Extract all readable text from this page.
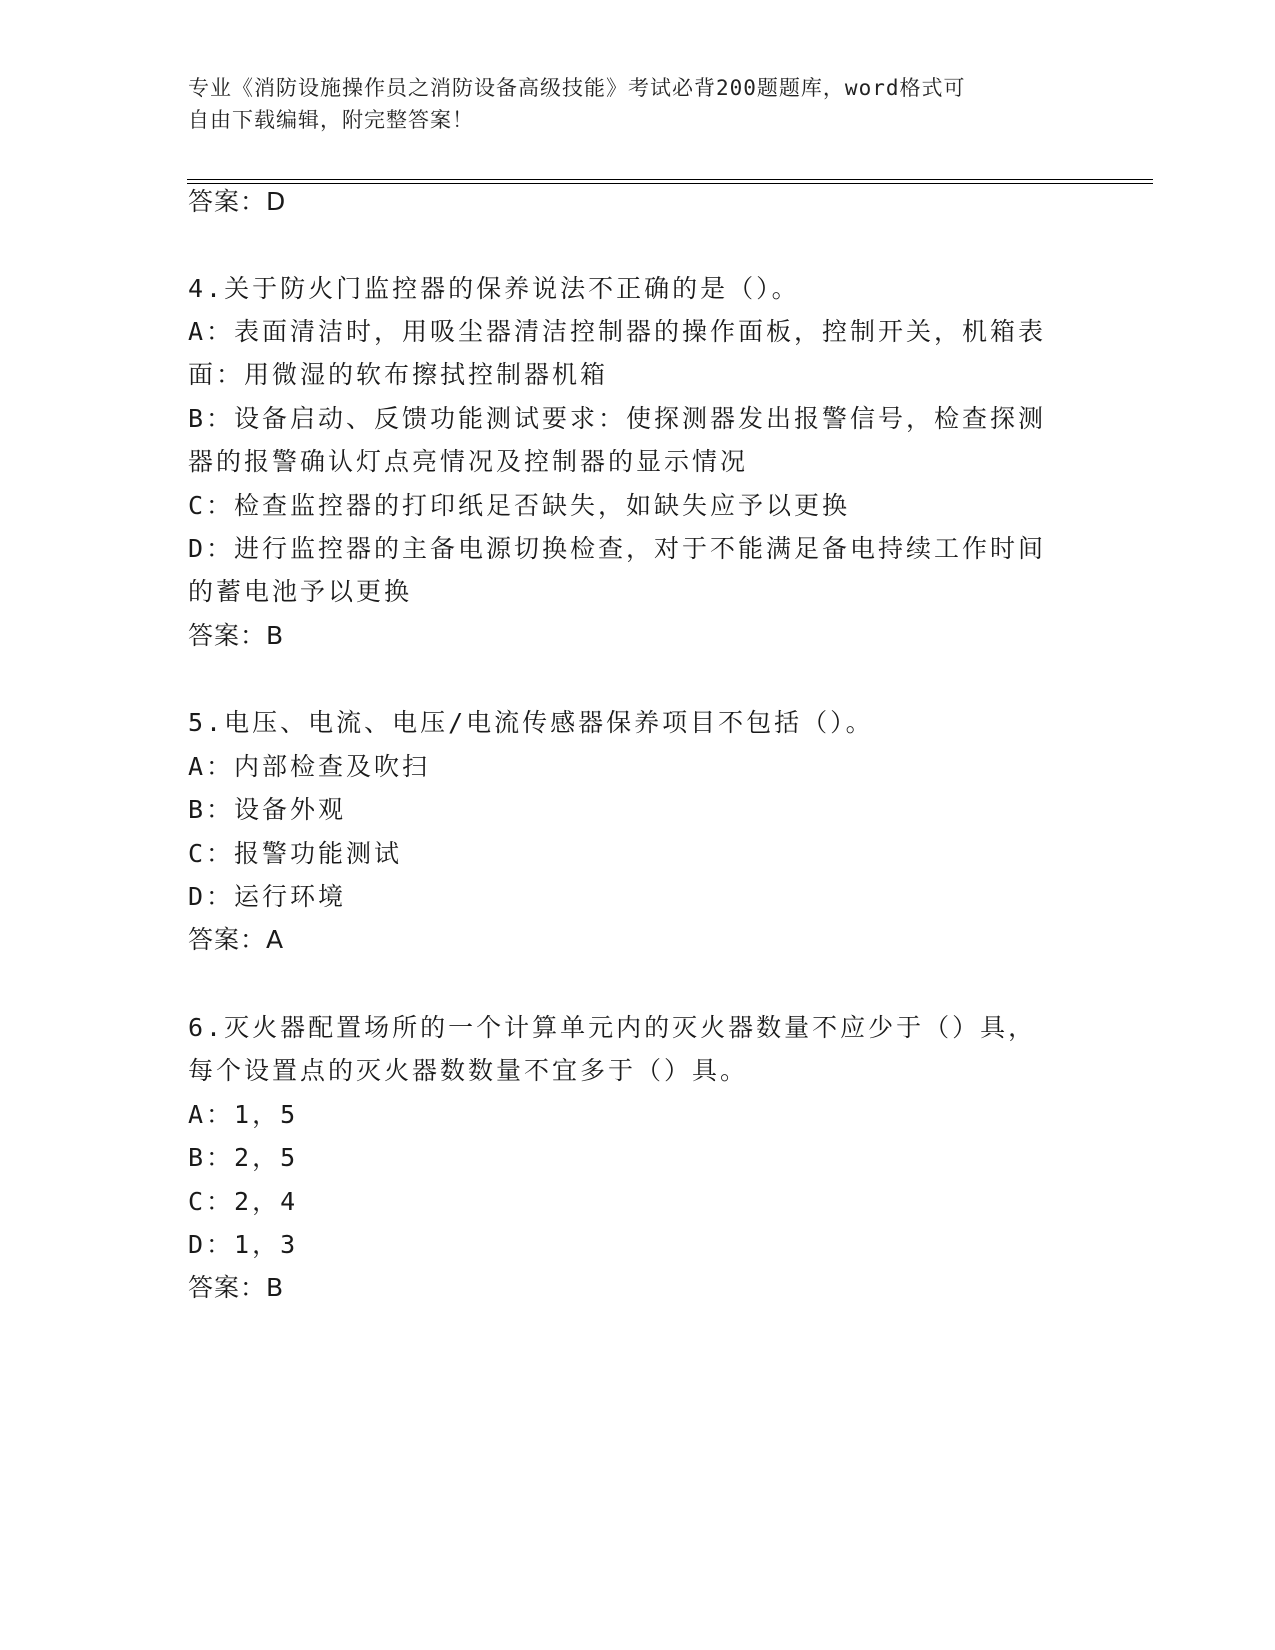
专业《消防设施操作员之消防设备高级技能》考试必背200题题库，word格式可
自由下载编辑，附完整答案！
答案：D
4.关于防火门监控器的保养说法不正确的是（）。
A：表面清洁时，用吸尘器清洁控制器的操作面板，控制开关，机箱表
面：用微湿的软布擦拭控制器机箱
B：设备启动、反馈功能测试要求：使探测器发出报警信号，检查探测
器的报警确认灯点亮情况及控制器的显示情况
C：检查监控器的打印纸足否缺失，如缺失应予以更换
D：进行监控器的主备电源切换检查，对于不能满足备电持续工作时间
的蓄电池予以更换
答案：B
5.电压、电流、电压/电流传感器保养项目不包括（）。
A：内部检查及吹扫
B：设备外观
C：报警功能测试
D：运行环境
答案：A
6.灭火器配置场所的一个计算单元内的灭火器数量不应少于（）具，
每个设置点的灭火器数数量不宜多于（）具。
A：1，5
B：2，5
C：2，4
D：1，3
答案：B
